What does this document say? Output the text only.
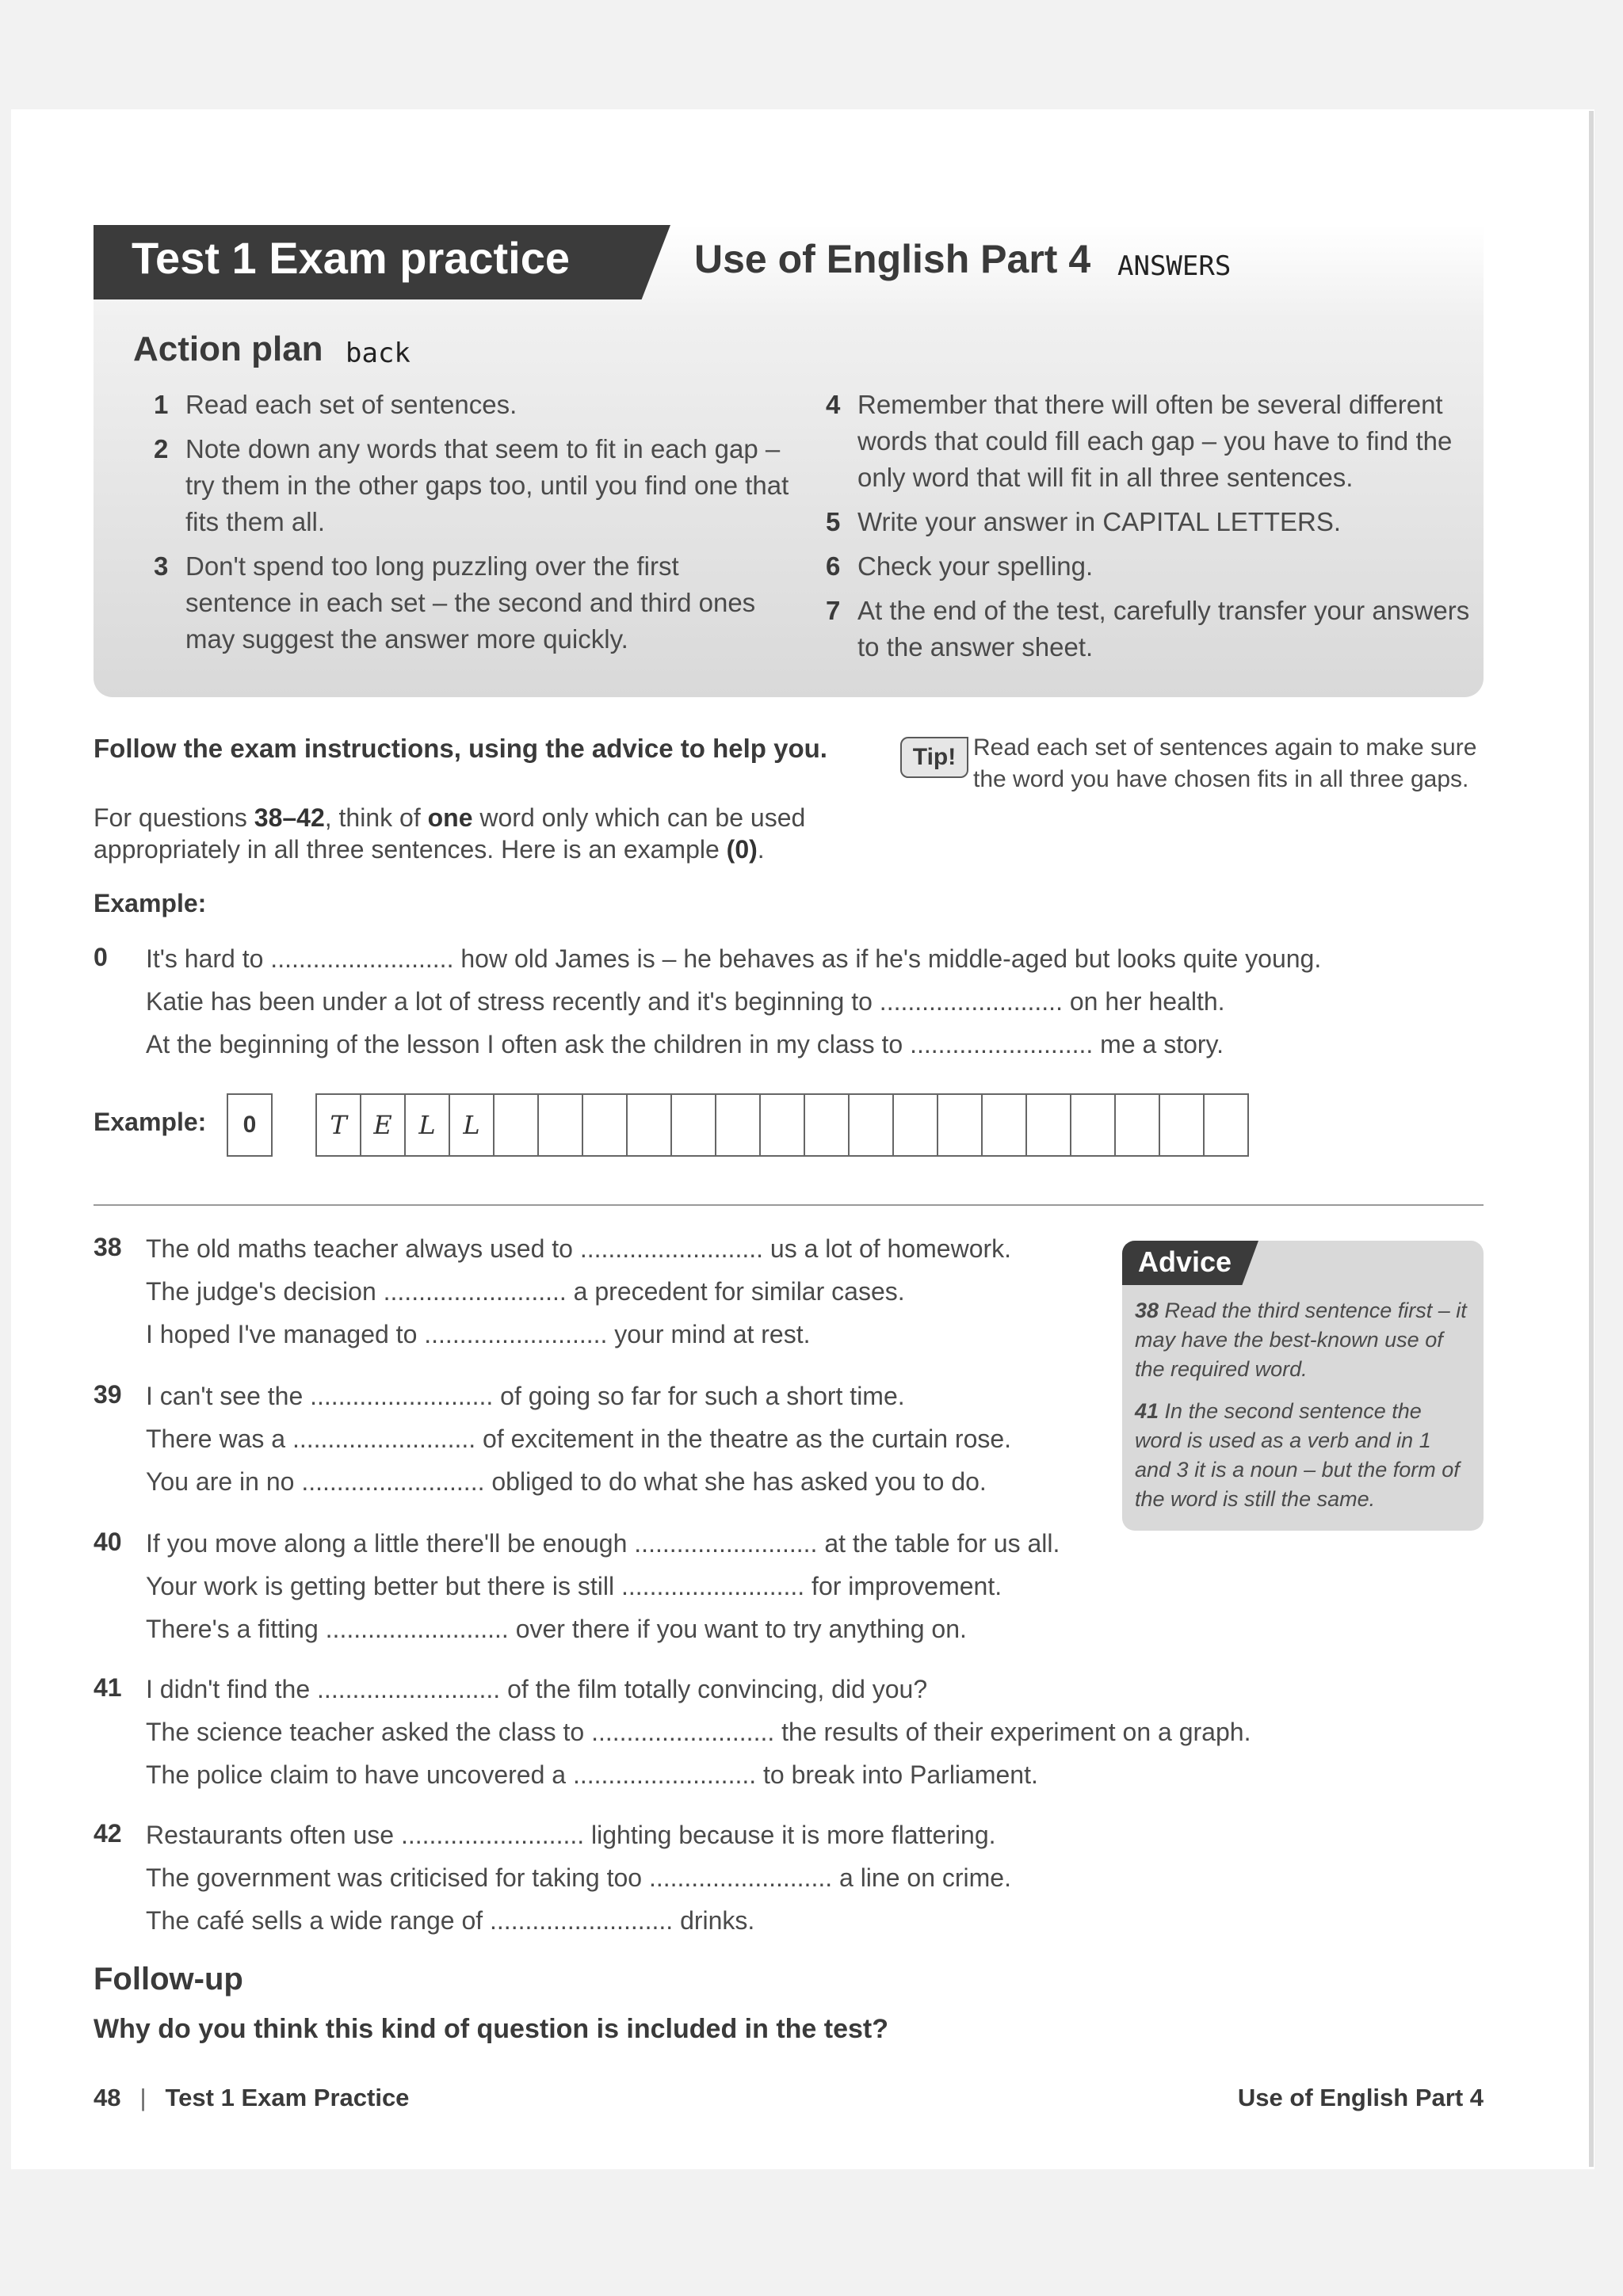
Test 1 Exam practice	Use of English Part 4 ANSWERS
Action plan back
1 Read each set of sentences.
2 Note down any words that seem to fit in each gap – try them in the other gaps too, until you find one that fits them all.
3 Don't spend too long puzzling over the first sentence in each set – the second and third ones may suggest the answer more quickly.
4 Remember that there will often be several different words that could fill each gap – you have to find the only word that will fit in all three sentences.
5 Write your answer in CAPITAL LETTERS.
6 Check your spelling.
7 At the end of the test, carefully transfer your answers to the answer sheet.
Follow the exam instructions, using the advice to help you.	Tip! Read each set of sentences again to make sure the word you have chosen fits in all three gaps.
For questions 38–42, think of one word only which can be used appropriately in all three sentences. Here is an example (0).
Example:
0 It's hard to .......................... how old James is – he behaves as if he's middle-aged but looks quite young.
Katie has been under a lot of stress recently and it's beginning to .......................... on her health.
At the beginning of the lesson I often ask the children in my class to .......................... me a story.
Example:	0	T	E	L	L
38 The old maths teacher always used to .......................... us a lot of homework.
The judge's decision .......................... a precedent for similar cases.
I hoped I've managed to .......................... your mind at rest.
39 I can't see the .......................... of going so far for such a short time.
There was a .......................... of excitement in the theatre as the curtain rose.
You are in no .......................... obliged to do what she has asked you to do.
40 If you move along a little there'll be enough .......................... at the table for us all.
Your work is getting better but there is still .......................... for improvement.
There's a fitting .......................... over there if you want to try anything on.
41 I didn't find the .......................... of the film totally convincing, did you?
The science teacher asked the class to .......................... the results of their experiment on a graph.
The police claim to have uncovered a .......................... to break into Parliament.
42 Restaurants often use .......................... lighting because it is more flattering.
The government was criticised for taking too .......................... a line on crime.
The café sells a wide range of .......................... drinks.
Advice

38 Read the third sentence first – it may have the best-known use of the required word.

41 In the second sentence the word is used as a verb and in 1 and 3 it is a noun – but the form of the word is still the same.

Follow-up
Why do you think this kind of question is included in the test?
48 | Test 1 Exam Practice	Use of English Part 4
